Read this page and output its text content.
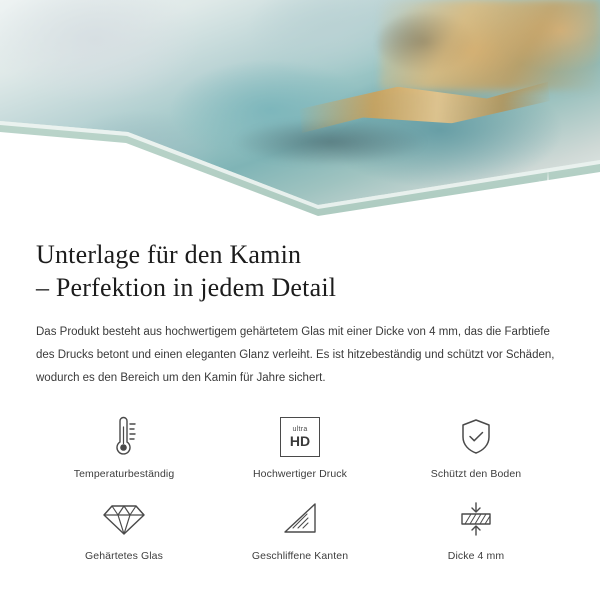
Unterlage für den Kamin
– Perfektion in jedem Detail

Das Produkt besteht aus hochwertigem gehärtetem Glas mit einer Dicke von 4 mm, das die Farbtiefe des Drucks betont und einen eleganten Glanz verleiht. Es ist hitzebeständig und schützt vor Schäden, wodurch es den Bereich um den Kamin für Jahre sichert.

Temperaturbeständig
ultra
HD
Hochwertiger Druck	Schützt den Boden
Gehärtetes Glas	Geschliffene Kanten	Dicke 4 mm
